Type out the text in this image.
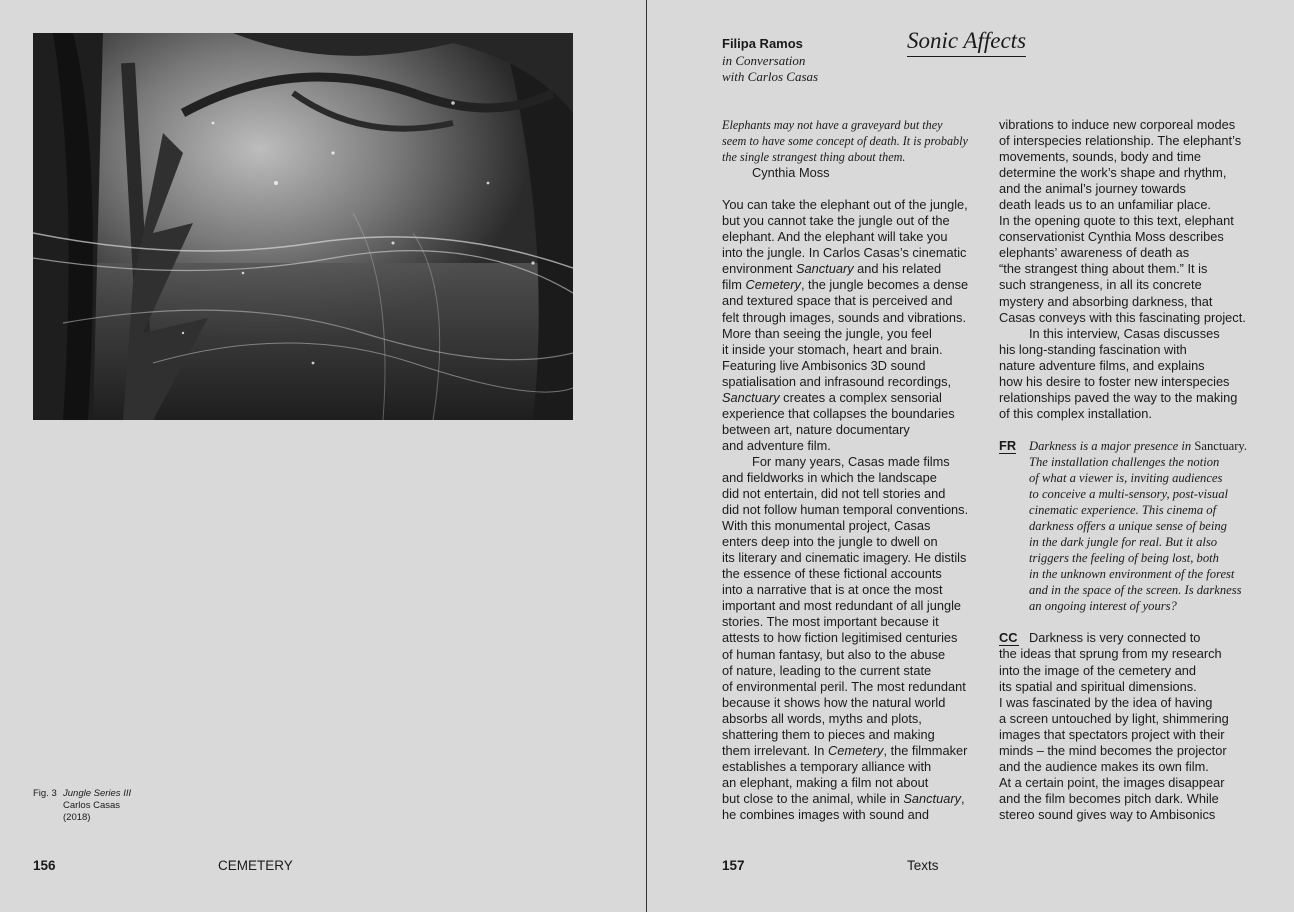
Fig. 3 Jungle Series III
Carlos Casas
(2018)
156	CEMETERY
Filipa Ramos
in Conversation
with Carlos Casas
Sonic Affects
Elephants may not have a graveyard but they
seem to have some concept of death. It is probably
the single strangest thing about them.
Cynthia Moss
You can take the elephant out of the jungle,
but you cannot take the jungle out of the
elephant. And the elephant will take you
into the jungle. In Carlos Casas’s cinematic
environment Sanctuary and his related
film Cemetery, the jungle becomes a dense
and textured space that is perceived and
felt through images, sounds and vibrations.
More than seeing the jungle, you feel
it inside your stomach, heart and brain.
Featuring live Ambisonics 3D sound
spatialisation and infrasound recordings,
Sanctuary creates a complex sensorial
experience that collapses the boundaries
between art, nature documentary
and adventure film.
For many years, Casas made films
and fieldworks in which the landscape
did not entertain, did not tell stories and
did not follow human temporal conventions.
With this monumental project, Casas
enters deep into the jungle to dwell on
its literary and cinematic imagery. He distils
the essence of these fictional accounts
into a narrative that is at once the most
important and most redundant of all jungle
stories. The most important because it
attests to how fiction legitimised centuries
of human fantasy, but also to the abuse
of nature, leading to the current state
of environmental peril. The most redundant
because it shows how the natural world
absorbs all words, myths and plots,
shattering them to pieces and making
them irrelevant. In Cemetery, the filmmaker
establishes a temporary alliance with
an elephant, making a film not about
but close to the animal, while in Sanctuary,
he combines images with sound and
vibrations to induce new corporeal modes
of interspecies relationship. The elephant’s
movements, sounds, body and time
determine the work’s shape and rhythm,
and the animal’s journey towards
death leads us to an unfamiliar place.
In the opening quote to this text, elephant
conservationist Cynthia Moss describes
elephants’ awareness of death as
“the strangest thing about them.” It is
such strangeness, in all its concrete
mystery and absorbing darkness, that
Casas conveys with this fascinating project.
In this interview, Casas discusses
his long-standing fascination with
nature adventure films, and explains
how his desire to foster new interspecies
relationships paved the way to the making
of this complex installation.
FR Darkness is a major presence in Sanctuary.
The installation challenges the notion
of what a viewer is, inviting audiences
to conceive a multi-sensory, post-visual
cinematic experience. This cinema of
darkness offers a unique sense of being
in the dark jungle for real. But it also
triggers the feeling of being lost, both
in the unknown environment of the forest
and in the space of the screen. Is darkness
an ongoing interest of yours?
CC Darkness is very connected to
the ideas that sprung from my research
into the image of the cemetery and
its spatial and spiritual dimensions.
I was fascinated by the idea of having
a screen untouched by light, shimmering
images that spectators project with their
minds – the mind becomes the projector
and the audience makes its own film.
At a certain point, the images disappear
and the film becomes pitch dark. While
stereo sound gives way to Ambisonics
157	Texts
